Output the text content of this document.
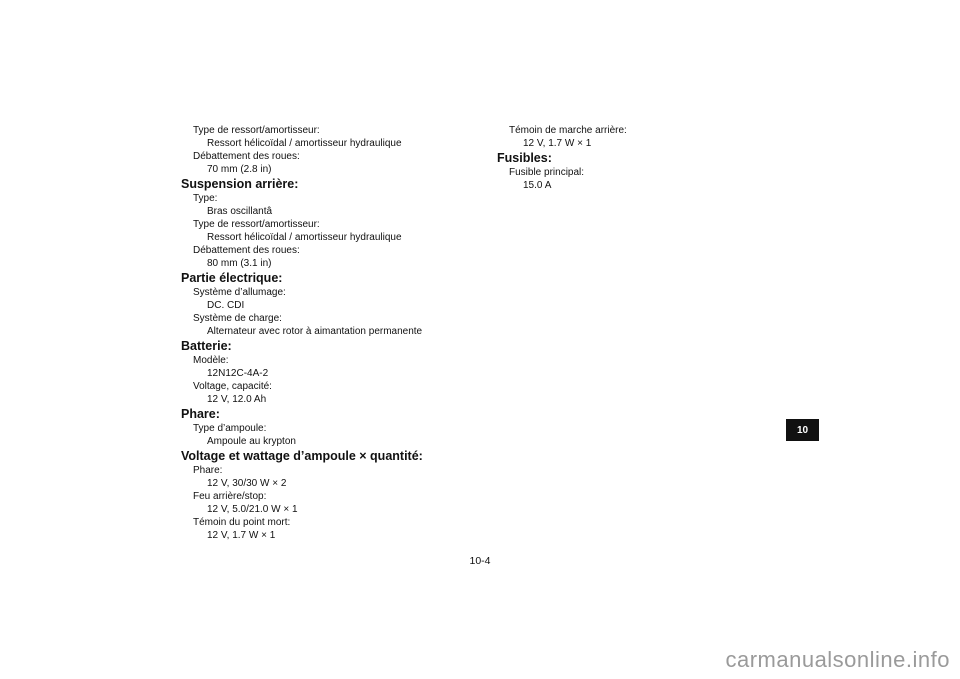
Type de ressort/amortisseur:
Ressort hélicoïdal / amortisseur hydraulique
Débattement des roues:
70 mm (2.8 in)
Suspension arrière:
Type:
Bras oscillantâ
Type de ressort/amortisseur:
Ressort hélicoïdal / amortisseur hydraulique
Débattement des roues:
80 mm (3.1 in)
Partie électrique:
Système d’allumage:
DC. CDI
Système de charge:
Alternateur avec rotor à aimantation permanente
Batterie:
Modèle:
12N12C-4A-2
Voltage, capacité:
12 V, 12.0 Ah
Phare:
Type d’ampoule:
Ampoule au krypton
Voltage et wattage d’ampoule × quantité:
Phare:
12 V, 30/30 W × 2
Feu arrière/stop:
12 V, 5.0/21.0 W × 1
Témoin du point mort:
12 V, 1.7 W × 1
Témoin de marche arrière:
12 V, 1.7 W × 1
Fusibles:
Fusible principal:
15.0 A
10
10-4
carmanualsonline.info
